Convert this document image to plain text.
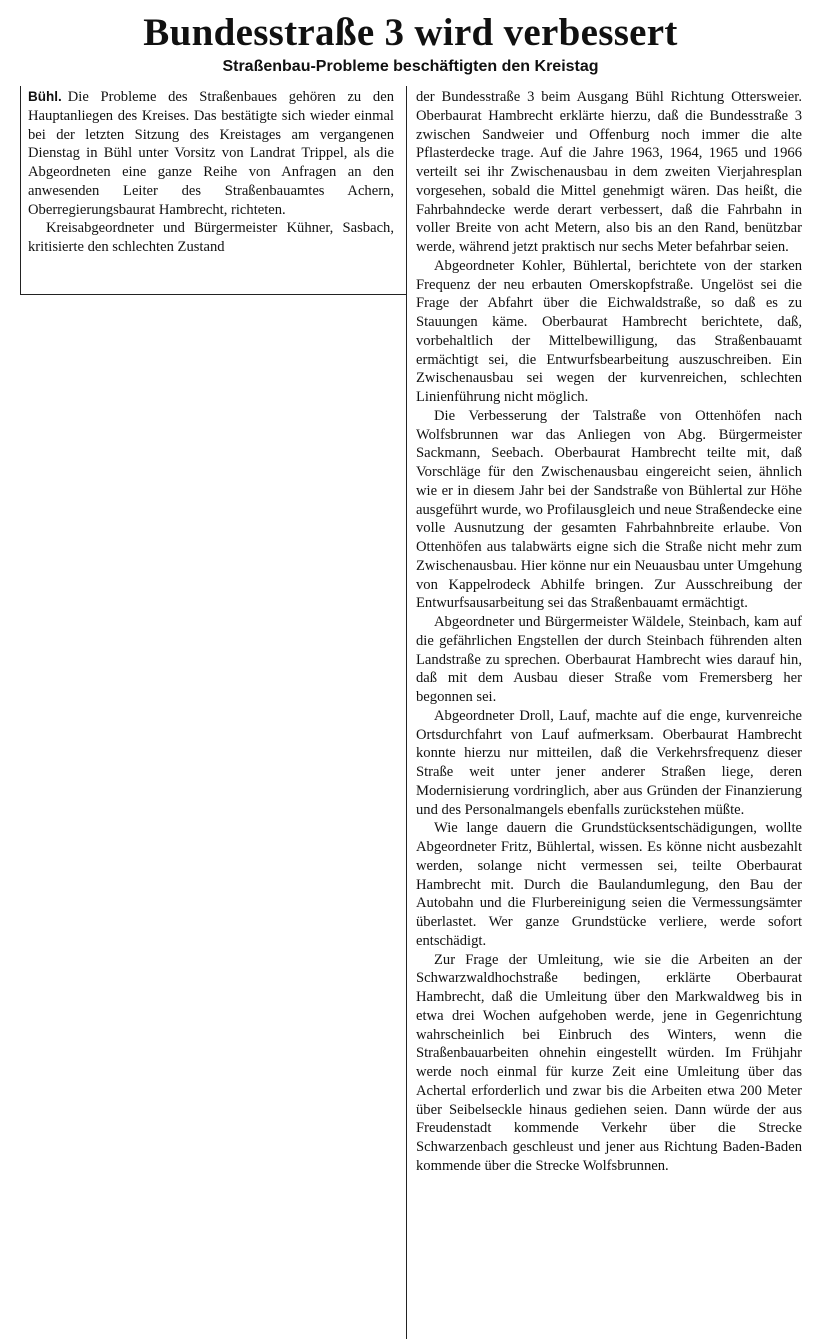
Bundesstraße 3 wird verbessert
Straßenbau-Probleme beschäftigten den Kreistag

Bühl. Die Probleme des Straßenbaues gehören zu den Hauptanliegen des Kreises. Das bestätigte sich wieder einmal bei der letzten Sitzung des Kreistages am vergangenen Dienstag in Bühl unter Vorsitz von Landrat Trippel, als die Abgeordneten eine ganze Reihe von Anfragen an den anwesenden Leiter des Straßenbauamtes Achern, Oberregierungsbaurat Hambrecht, richteten.

Kreisabgeordneter und Bürgermeister Kühner, Sasbach, kritisierte den schlechten Zustand

der Bundesstraße 3 beim Ausgang Bühl Richtung Ottersweier. Oberbaurat Hambrecht erklärte hierzu, daß die Bundesstraße 3 zwischen Sandweier und Offenburg noch immer die alte Pflasterdecke trage. Auf die Jahre 1963, 1964, 1965 und 1966 verteilt sei ihr Zwischenausbau in dem zweiten Vierjahresplan vorgesehen, sobald die Mittel genehmigt wären. Das heißt, die Fahrbahndecke werde derart verbessert, daß die Fahrbahn in voller Breite von acht Metern, also bis an den Rand, benützbar werde, während jetzt praktisch nur sechs Meter befahrbar seien.

Abgeordneter Kohler, Bühlertal, berichtete von der starken Frequenz der neu erbauten Omerskopfstraße. Ungelöst sei die Frage der Abfahrt über die Eichwaldstraße, so daß es zu Stauungen käme. Oberbaurat Hambrecht berichtete, daß, vorbehaltlich der Mittelbewilligung, das Straßenbauamt ermächtigt sei, die Entwurfsbearbeitung auszuschreiben. Ein Zwischenausbau sei wegen der kurvenreichen, schlechten Linienführung nicht möglich.

Die Verbesserung der Talstraße von Ottenhöfen nach Wolfsbrunnen war das Anliegen von Abg. Bürgermeister Sackmann, Seebach. Oberbaurat Hambrecht teilte mit, daß Vorschläge für den Zwischenausbau eingereicht seien, ähnlich wie er in diesem Jahr bei der Sandstraße von Bühlertal zur Höhe ausgeführt wurde, wo Profilausgleich und neue Straßendecke eine volle Ausnutzung der gesamten Fahrbahnbreite erlaube. Von Ottenhöfen aus talabwärts eigne sich die Straße nicht mehr zum Zwischenausbau. Hier könne nur ein Neuausbau unter Umgehung von Kappelrodeck Abhilfe bringen. Zur Ausschreibung der Entwurfsausarbeitung sei das Straßenbauamt ermächtigt.

Abgeordneter und Bürgermeister Wäldele, Steinbach, kam auf die gefährlichen Engstellen der durch Steinbach führenden alten Landstraße zu sprechen. Oberbaurat Hambrecht wies darauf hin, daß mit dem Ausbau dieser Straße vom Fremersberg her begonnen sei.

Abgeordneter Droll, Lauf, machte auf die enge, kurvenreiche Ortsdurchfahrt von Lauf aufmerksam. Oberbaurat Hambrecht konnte hierzu nur mitteilen, daß die Verkehrsfrequenz dieser Straße weit unter jener anderer Straßen liege, deren Modernisierung vordringlich, aber aus Gründen der Finanzierung und des Personalmangels ebenfalls zurückstehen müßte.

Wie lange dauern die Grundstücksentschädigungen, wollte Abgeordneter Fritz, Bühlertal, wissen. Es könne nicht ausbezahlt werden, solange nicht vermessen sei, teilte Oberbaurat Hambrecht mit. Durch die Baulandumlegung, den Bau der Autobahn und die Flurbereinigung seien die Vermessungsämter überlastet. Wer ganze Grundstücke verliere, werde sofort entschädigt.

Zur Frage der Umleitung, wie sie die Arbeiten an der Schwarzwaldhochstraße bedingen, erklärte Oberbaurat Hambrecht, daß die Umleitung über den Markwaldweg bis in etwa drei Wochen aufgehoben werde, jene in Gegenrichtung wahrscheinlich bei Einbruch des Winters, wenn die Straßenbauarbeiten ohnehin eingestellt würden. Im Frühjahr werde noch einmal für kurze Zeit eine Umleitung über das Achertal erforderlich und zwar bis die Arbeiten etwa 200 Meter über Seibelseckle hinaus gediehen seien. Dann würde der aus Freudenstadt kommende Verkehr über die Strecke Schwarzenbach geschleust und jener aus Richtung Baden-Baden kommende über die Strecke Wolfsbrunnen.
